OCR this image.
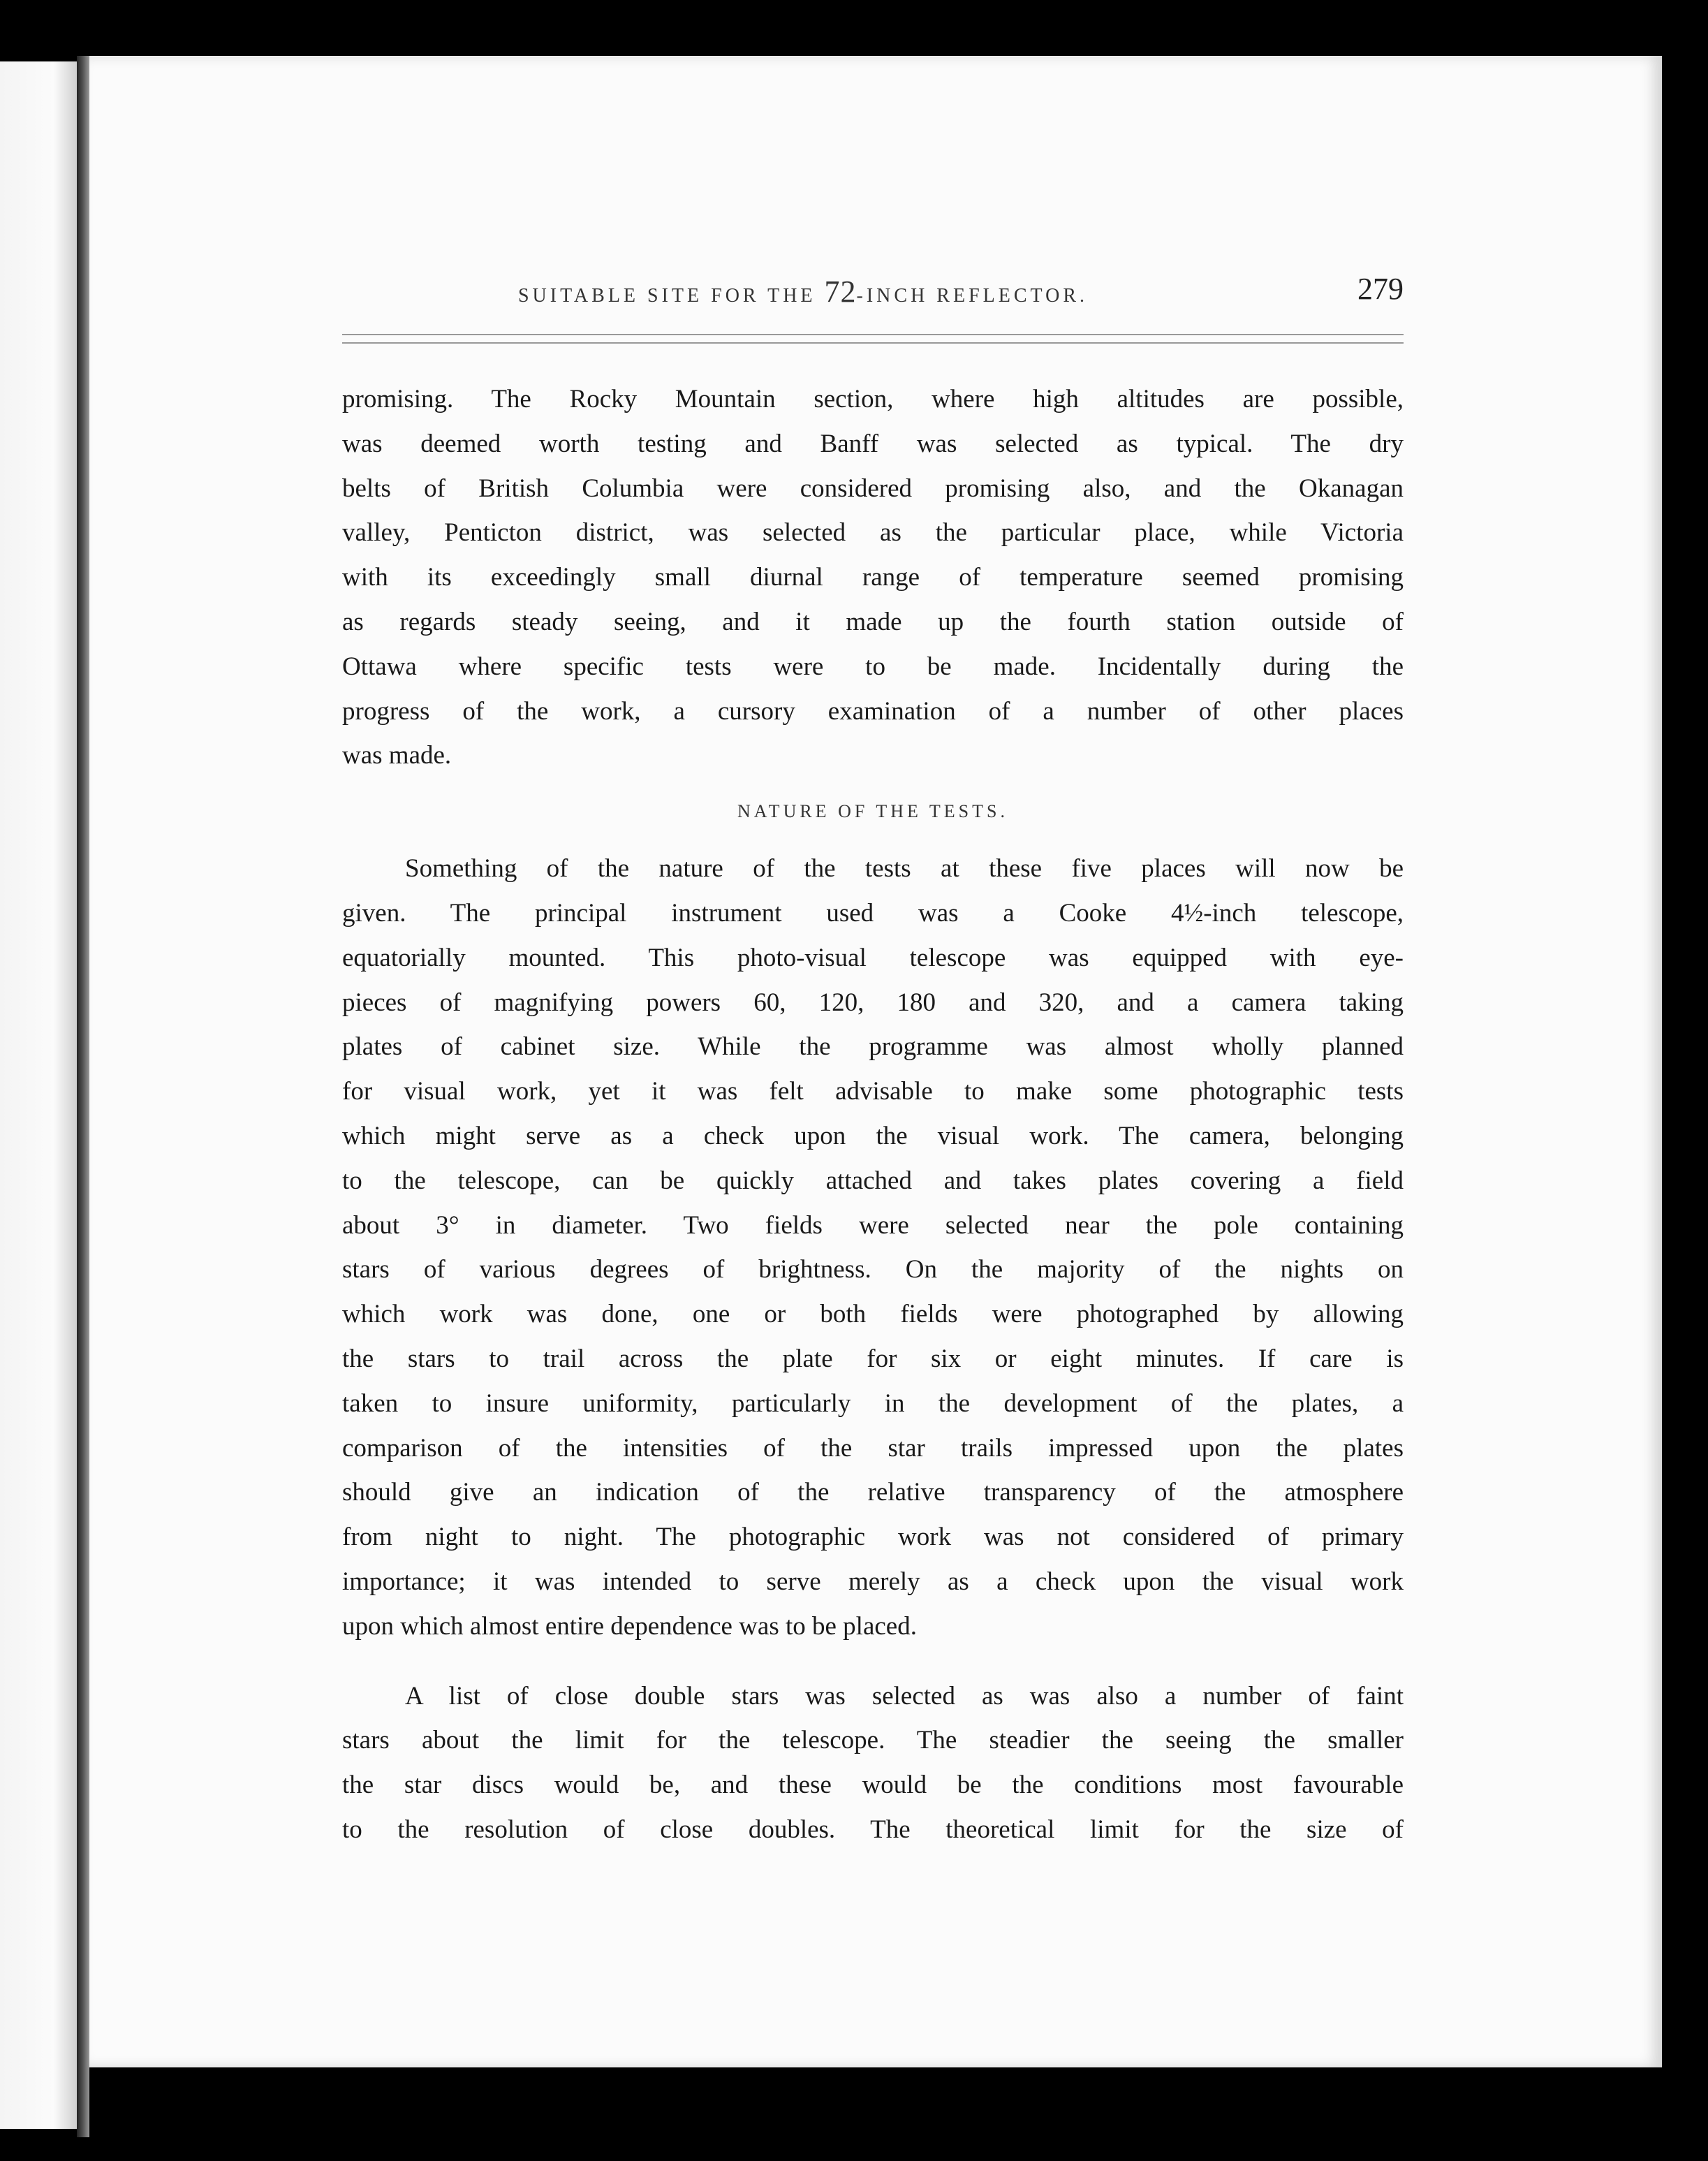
SUITABLE SITE FOR THE 72-INCH REFLECTOR.	279

promising. The Rocky Mountain section, where high altitudes are possible,
was deemed worth testing and Banff was selected as typical. The dry
belts of British Columbia were considered promising also, and the Okanagan
valley, Penticton district, was selected as the particular place, while Victoria
with its exceedingly small diurnal range of temperature seemed promising
as regards steady seeing, and it made up the fourth station outside of
Ottawa where specific tests were to be made. Incidentally during the
progress of the work, a cursory examination of a number of other places
was made.

NATURE OF THE TESTS.

Something of the nature of the tests at these five places will now be
given. The principal instrument used was a Cooke 4½-inch telescope,
equatorially mounted. This photo-visual telescope was equipped with eye-
pieces of magnifying powers 60, 120, 180 and 320, and a camera taking
plates of cabinet size. While the programme was almost wholly planned
for visual work, yet it was felt advisable to make some photographic tests
which might serve as a check upon the visual work. The camera, belonging
to the telescope, can be quickly attached and takes plates covering a field
about 3° in diameter. Two fields were selected near the pole containing
stars of various degrees of brightness. On the majority of the nights on
which work was done, one or both fields were photographed by allowing
the stars to trail across the plate for six or eight minutes. If care is
taken to insure uniformity, particularly in the development of the plates, a
comparison of the intensities of the star trails impressed upon the plates
should give an indication of the relative transparency of the atmosphere
from night to night. The photographic work was not considered of primary
importance; it was intended to serve merely as a check upon the visual work
upon which almost entire dependence was to be placed.

A list of close double stars was selected as was also a number of faint
stars about the limit for the telescope. The steadier the seeing the smaller
the star discs would be, and these would be the conditions most favourable
to the resolution of close doubles. The theoretical limit for the size of
